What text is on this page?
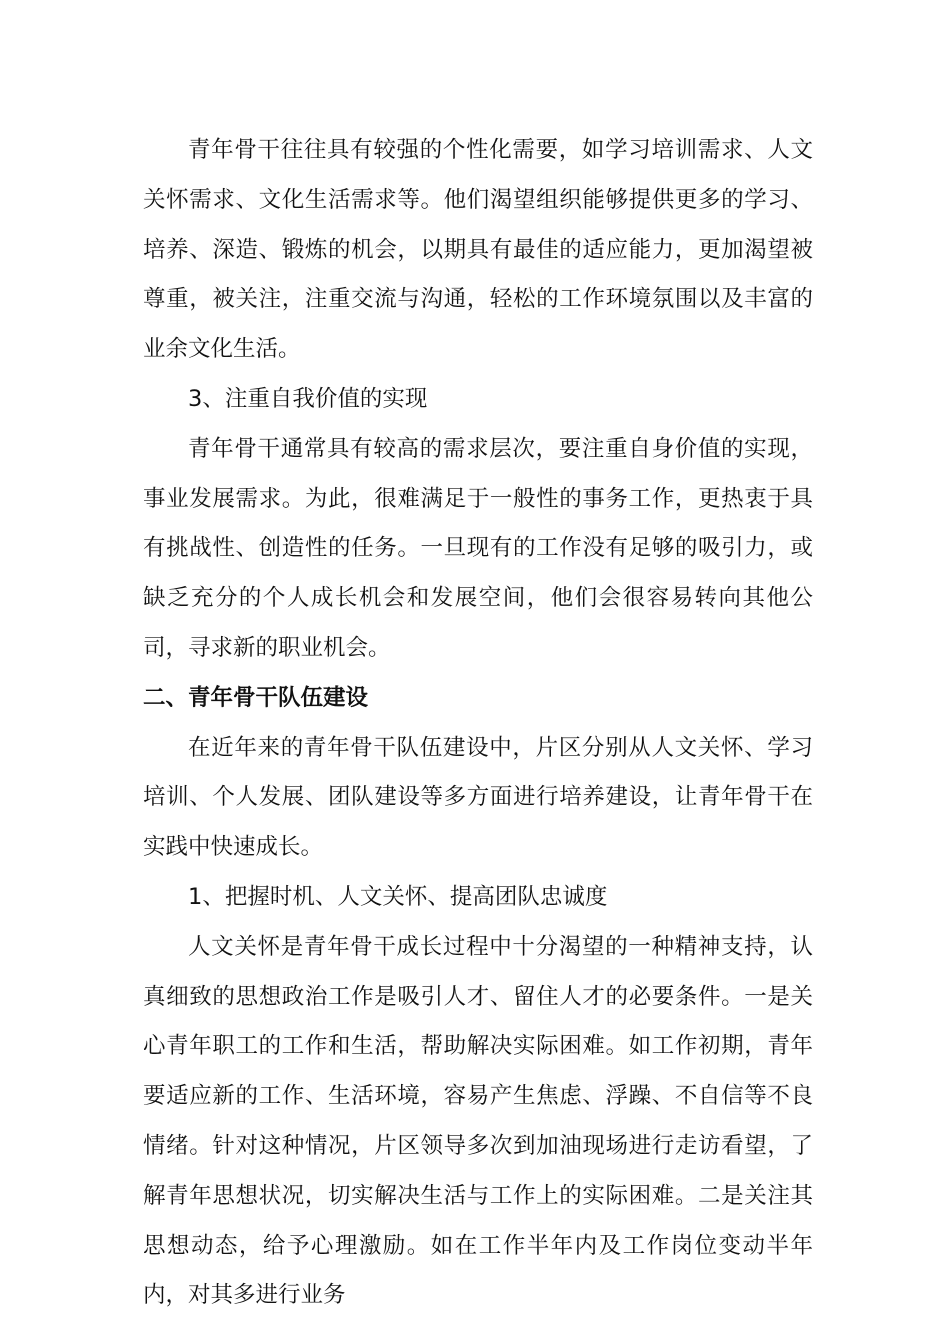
青年骨干往往具有较强的个性化需要，如学习培训需求、人文关怀需求、文化生活需求等。他们渴望组织能够提供更多的学习、培养、深造、锻炼的机会，以期具有最佳的适应能力，更加渴望被尊重，被关注，注重交流与沟通，轻松的工作环境氛围以及丰富的业余文化生活。

3、注重自我价值的实现

青年骨干通常具有较高的需求层次，要注重自身价值的实现，事业发展需求。为此，很难满足于一般性的事务工作，更热衷于具有挑战性、创造性的任务。一旦现有的工作没有足够的吸引力，或缺乏充分的个人成长机会和发展空间，他们会很容易转向其他公司，寻求新的职业机会。

二、青年骨干队伍建设

在近年来的青年骨干队伍建设中，片区分别从人文关怀、学习培训、个人发展、团队建设等多方面进行培养建设，让青年骨干在实践中快速成长。

1、把握时机、人文关怀、提高团队忠诚度

人文关怀是青年骨干成长过程中十分渴望的一种精神支持，认真细致的思想政治工作是吸引人才、留住人才的必要条件。一是关心青年职工的工作和生活，帮助解决实际困难。如工作初期，青年要适应新的工作、生活环境，容易产生焦虑、浮躁、不自信等不良情绪。针对这种情况，片区领导多次到加油现场进行走访看望，了解青年思想状况，切实解决生活与工作上的实际困难。二是关注其思想动态，给予心理激励。如在工作半年内及工作岗位变动半年内，对其多进行业务
